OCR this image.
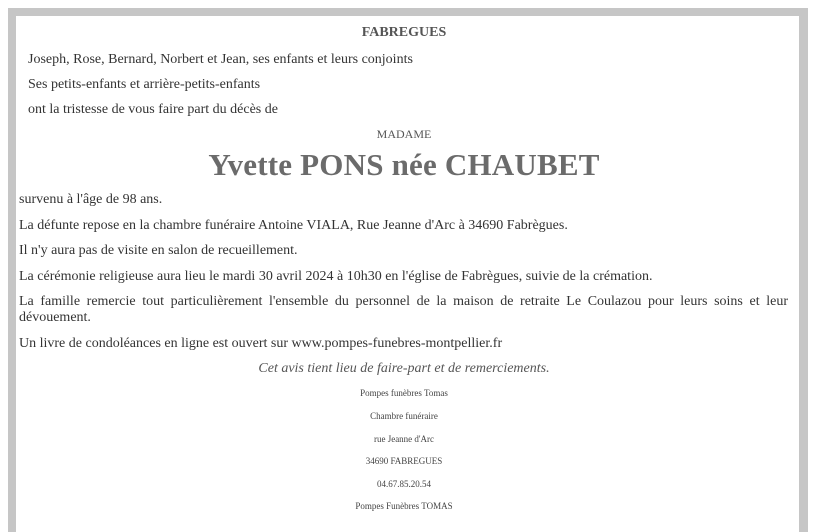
FABREGUES
Joseph, Rose, Bernard, Norbert et Jean, ses enfants et leurs conjoints
Ses petits-enfants et arrière-petits-enfants
ont la tristesse de vous faire part du décès de
MADAME
Yvette PONS née CHAUBET
survenu à l'âge de 98 ans.
La défunte repose en la chambre funéraire Antoine VIALA, Rue Jeanne d'Arc à 34690 Fabrègues.
Il n'y aura pas de visite en salon de recueillement.
La cérémonie religieuse aura lieu le mardi 30 avril 2024 à 10h30 en l'église de Fabrègues, suivie de la crémation.
La famille remercie tout particulièrement l'ensemble du personnel de la maison de retraite Le Coulazou pour leurs soins et leur dévouement.
Un livre de condoléances en ligne est ouvert sur www.pompes-funebres-montpellier.fr
Cet avis tient lieu de faire-part et de remerciements.
Pompes funèbres Tomas
Chambre funéraire
rue Jeanne d'Arc
34690 FABREGUES
04.67.85.20.54
Pompes Funèbres TOMAS
